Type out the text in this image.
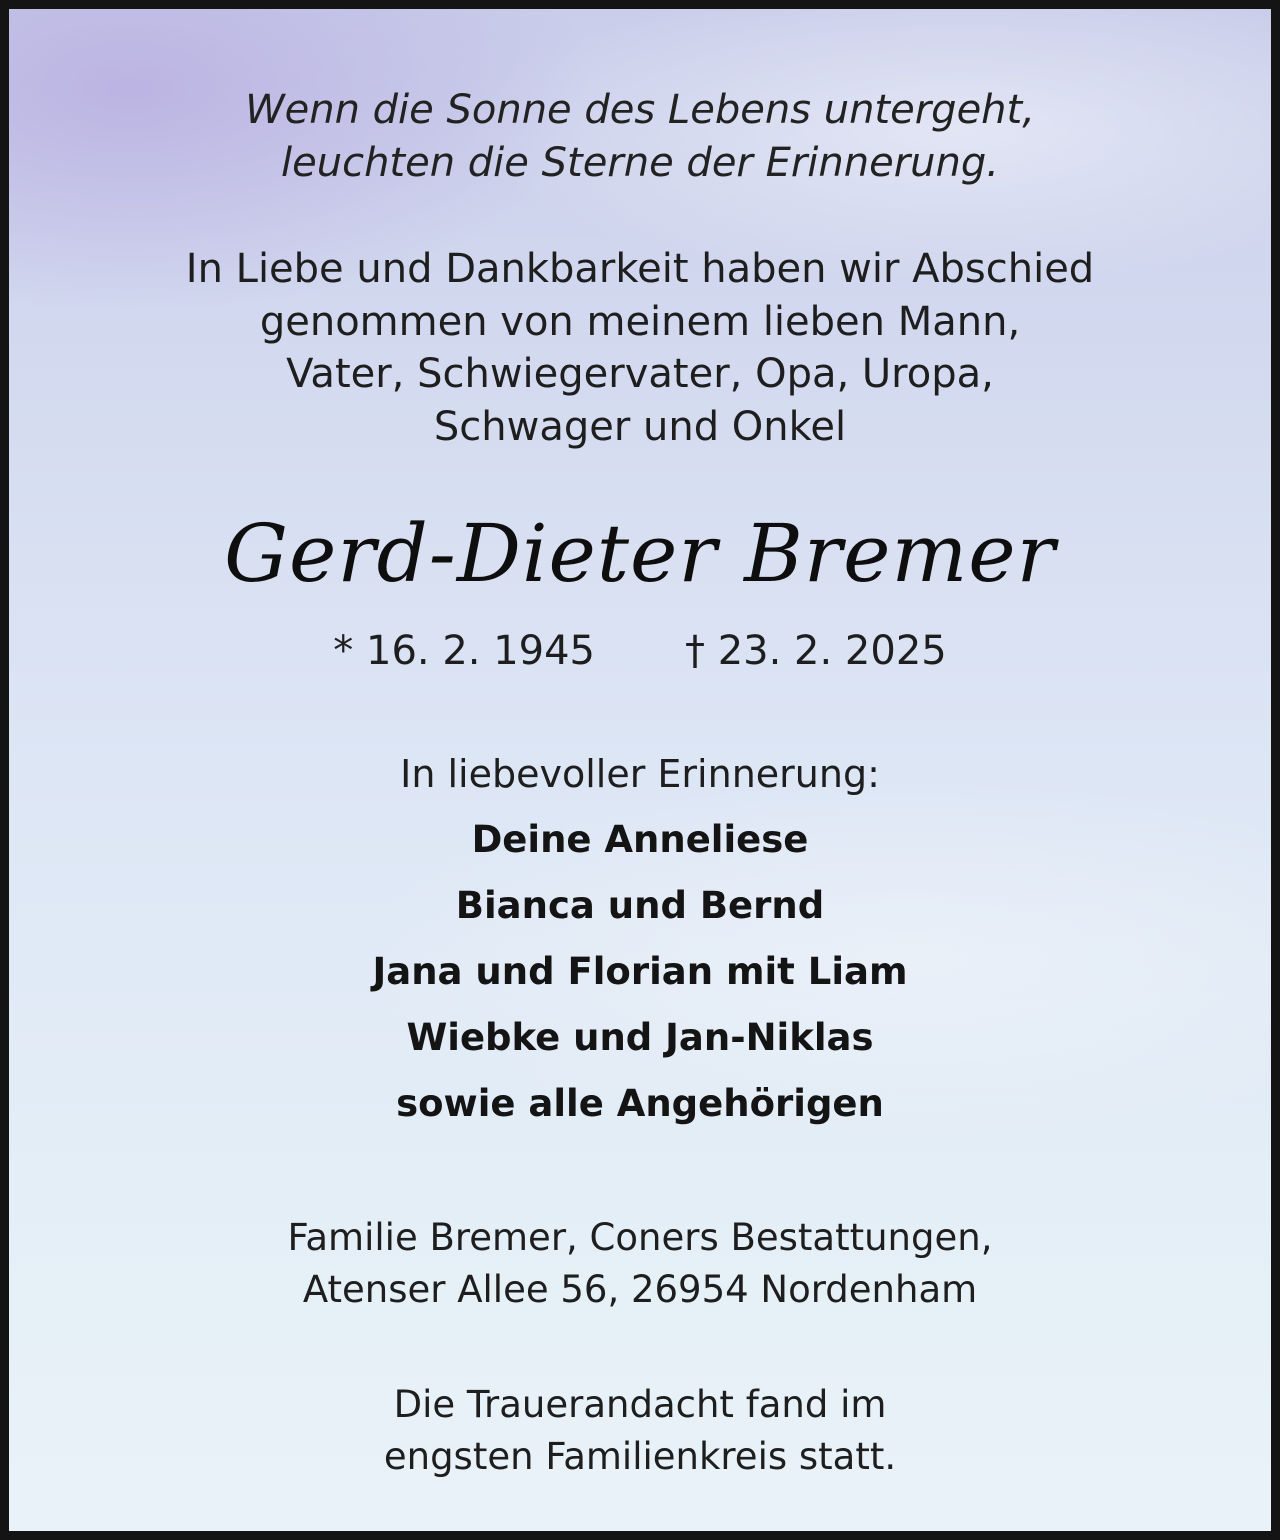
Wenn die Sonne des Lebens untergeht,
leuchten die Sterne der Erinnerung.
In Liebe und Dankbarkeit haben wir Abschied
genommen von meinem lieben Mann,
Vater, Schwiegervater, Opa, Uropa,
Schwager und Onkel
Gerd-Dieter Bremer
* 16. 2. 1945 † 23. 2. 2025
In liebevoller Erinnerung:
Deine Anneliese
Bianca und Bernd
Jana und Florian mit Liam
Wiebke und Jan-Niklas
sowie alle Angehörigen
Familie Bremer, Coners Bestattungen,
Atenser Allee 56, 26954 Nordenham
Die Trauerandacht fand im
engsten Familienkreis statt.
